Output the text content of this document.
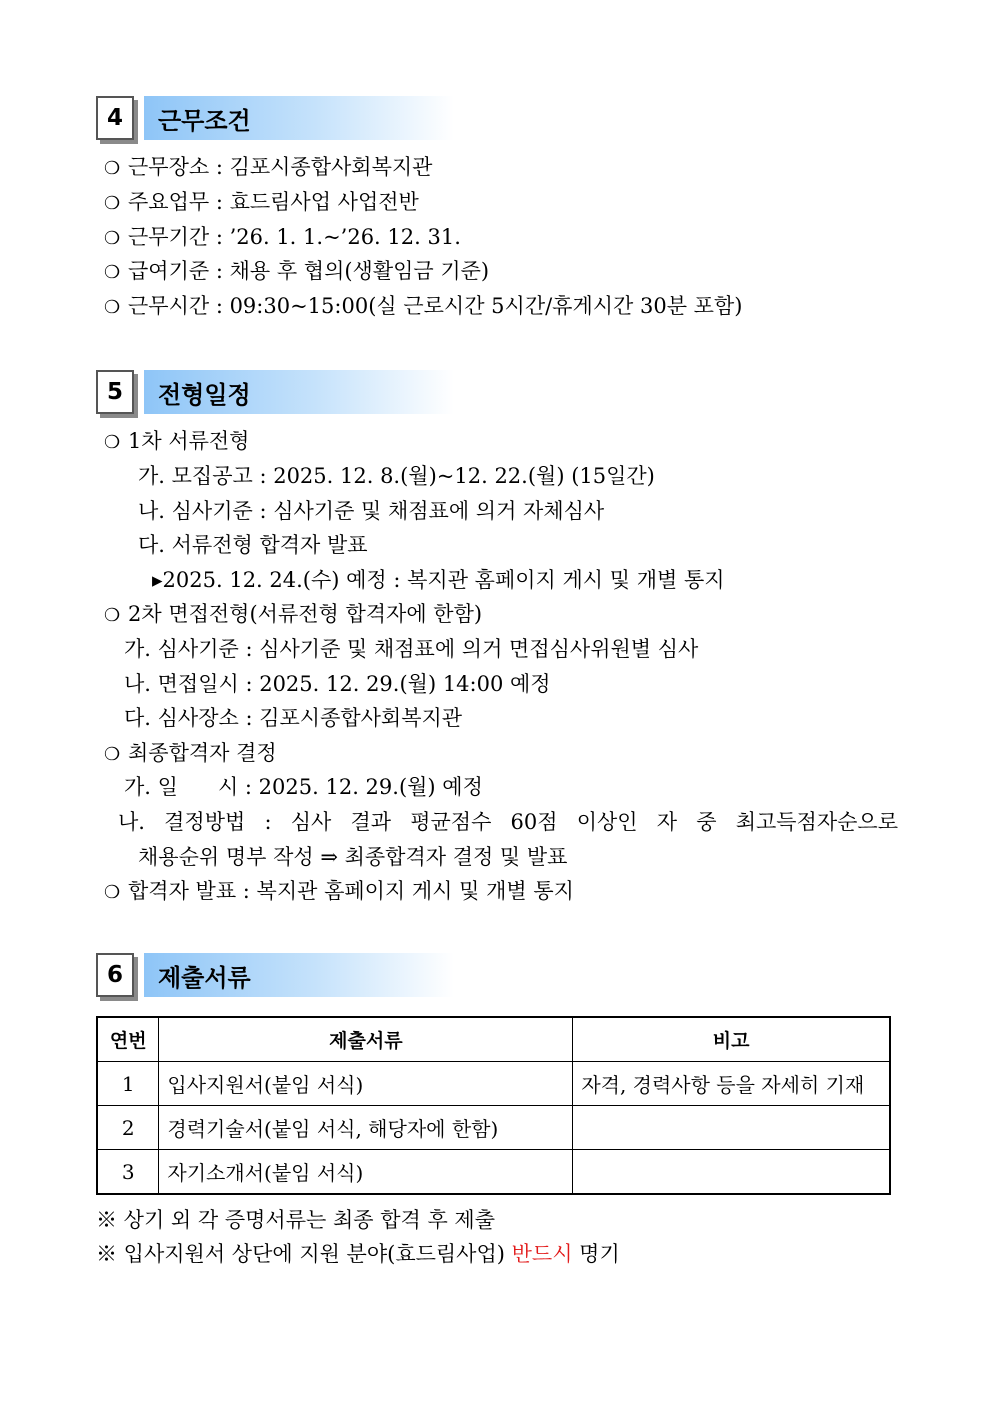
4	근무조건
❍ 근무장소 : 김포시종합사회복지관
❍ 주요업무 : 효드림사업 사업전반
❍ 근무기간 : ’26. 1. 1.~’26. 12. 31.
❍ 급여기준 : 채용 후 협의(생활임금 기준)
❍ 근무시간 : 09:30~15:00(실 근로시간 5시간/휴게시간 30분 포함)
5	전형일정
❍ 1차 서류전형
가. 모집공고 : 2025. 12. 8.(월)~12. 22.(월) (15일간)
나. 심사기준 : 심사기준 및 채점표에 의거 자체심사
다. 서류전형 합격자 발표
▸2025. 12. 24.(수) 예정 : 복지관 홈페이지 게시 및 개별 통지
❍ 2차 면접전형(서류전형 합격자에 한함)
가. 심사기준 : 심사기준 및 채점표에 의거 면접심사위원별 심사
나. 면접일시 : 2025. 12. 29.(월) 14:00 예정
다. 심사장소 : 김포시종합사회복지관
❍ 최종합격자 결정
가. 일      시 : 2025. 12. 29.(월) 예정
나. 결정방법 : 심사 결과 평균점수 60점 이상인 자 중 최고득점자순으로
채용순위 명부 작성 ⇒ 최종합격자 결정 및 발표
❍ 합격자 발표 : 복지관 홈페이지 게시 및 개별 통지
6	제출서류
연번	제출서류	비고
1	입사지원서(붙임 서식)	자격, 경력사항 등을 자세히 기재
2	경력기술서(붙임 서식, 해당자에 한함)	
3	자기소개서(붙임 서식)	
※ 상기 외 각 증명서류는 최종 합격 후 제출
※ 입사지원서 상단에 지원 분야(효드림사업) 반드시 명기
